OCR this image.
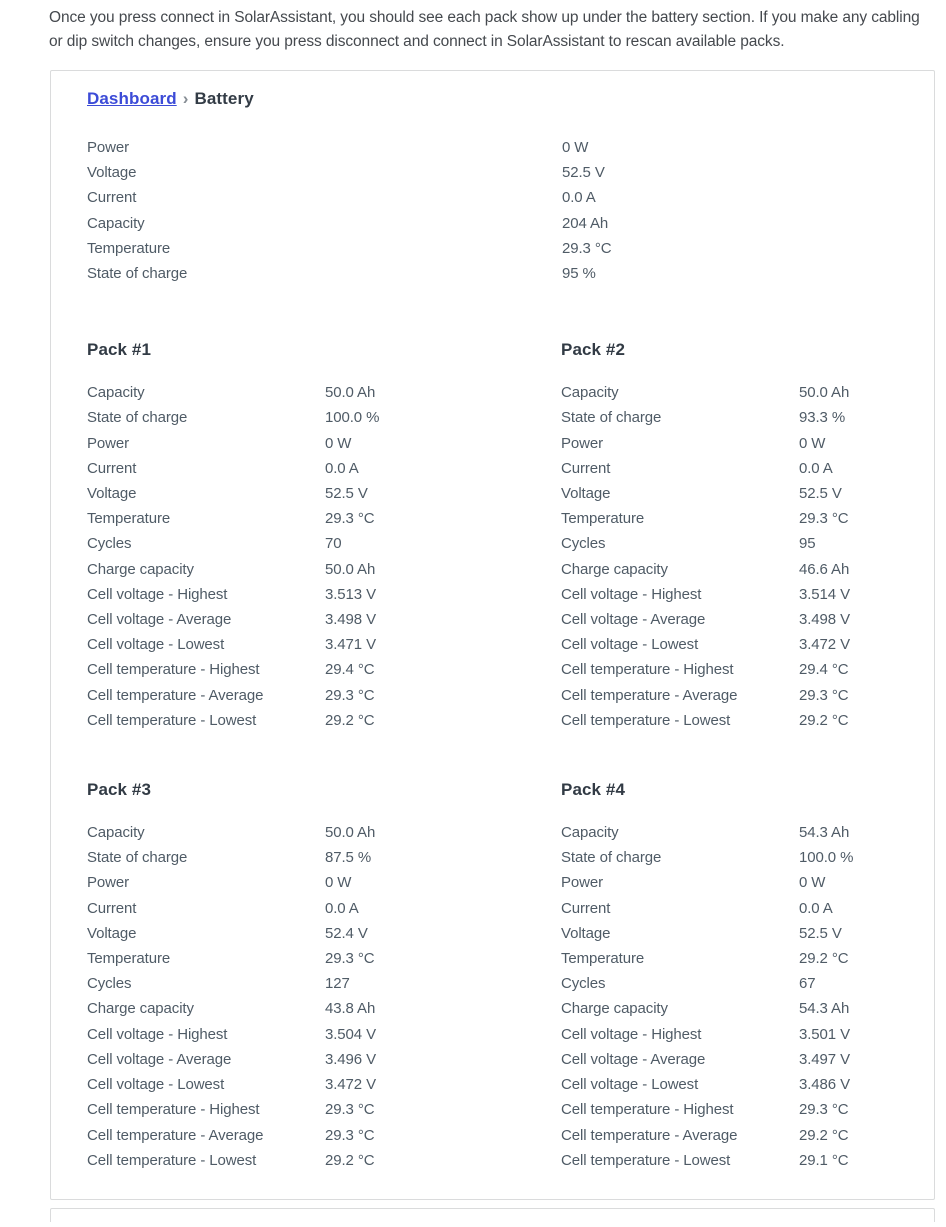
Once you press connect in SolarAssistant, you should see each pack show up under the battery section. If you make any cabling or dip switch changes, ensure you press disconnect and connect in SolarAssistant to rescan available packs.

Dashboard › Battery
Power	0 W
Voltage	52.5 V
Current	0.0 A
Capacity	204 Ah
Temperature	29.3 °C
State of charge	95 %
Pack #1
Capacity	50.0 Ah
State of charge	100.0 %
Power	0 W
Current	0.0 A
Voltage	52.5 V
Temperature	29.3 °C
Cycles	70
Charge capacity	50.0 Ah
Cell voltage - Highest	3.513 V
Cell voltage - Average	3.498 V
Cell voltage - Lowest	3.471 V
Cell temperature - Highest	29.4 °C
Cell temperature - Average	29.3 °C
Cell temperature - Lowest	29.2 °C
Pack #2
Capacity	50.0 Ah
State of charge	93.3 %
Power	0 W
Current	0.0 A
Voltage	52.5 V
Temperature	29.3 °C
Cycles	95
Charge capacity	46.6 Ah
Cell voltage - Highest	3.514 V
Cell voltage - Average	3.498 V
Cell voltage - Lowest	3.472 V
Cell temperature - Highest	29.4 °C
Cell temperature - Average	29.3 °C
Cell temperature - Lowest	29.2 °C
Pack #3
Capacity	50.0 Ah
State of charge	87.5 %
Power	0 W
Current	0.0 A
Voltage	52.4 V
Temperature	29.3 °C
Cycles	127
Charge capacity	43.8 Ah
Cell voltage - Highest	3.504 V
Cell voltage - Average	3.496 V
Cell voltage - Lowest	3.472 V
Cell temperature - Highest	29.3 °C
Cell temperature - Average	29.3 °C
Cell temperature - Lowest	29.2 °C
Pack #4
Capacity	54.3 Ah
State of charge	100.0 %
Power	0 W
Current	0.0 A
Voltage	52.5 V
Temperature	29.2 °C
Cycles	67
Charge capacity	54.3 Ah
Cell voltage - Highest	3.501 V
Cell voltage - Average	3.497 V
Cell voltage - Lowest	3.486 V
Cell temperature - Highest	29.3 °C
Cell temperature - Average	29.2 °C
Cell temperature - Lowest	29.1 °C
